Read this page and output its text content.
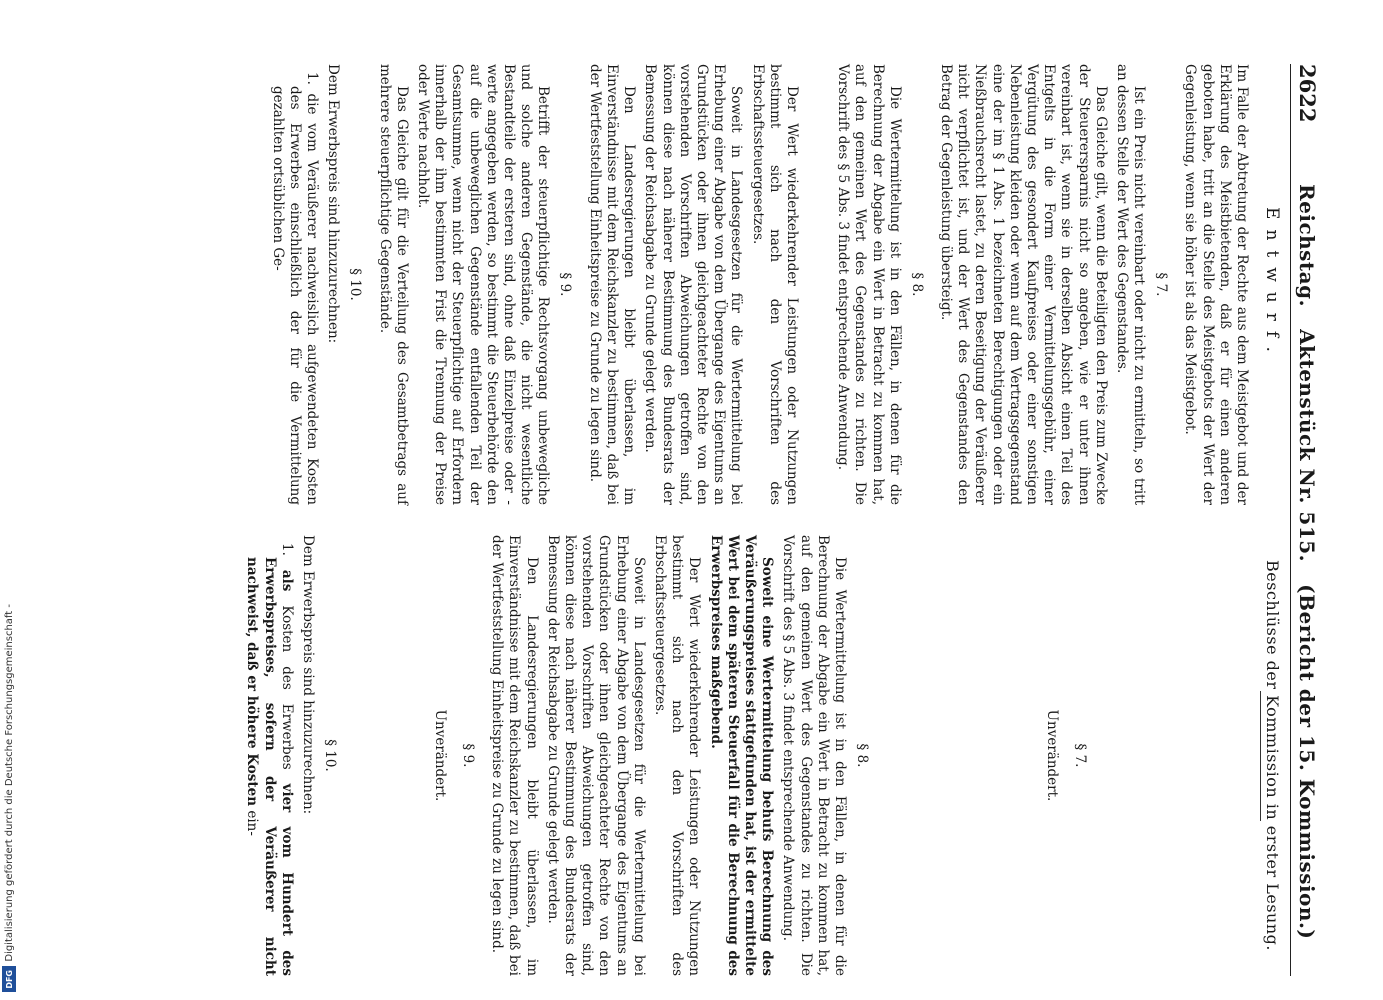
2622
Reichstag.Aktenstück Nr. 515.(Bericht der 15. Kommission.)
Entwurf.

Im Falle der Abtretung der Rechte aus dem Meistgebot und der Erklärung des Meistbietenden, daß er für einen anderen geboten habe, tritt an die Stelle des Meistgebots der Wert der Gegenleistung, wenn sie höher ist als das Meistgebot.

§ 7.

Ist ein Preis nicht vereinbart oder nicht zu ermitteln, so tritt an dessen Stelle der Wert des Gegenstandes.

Das Gleiche gilt, wenn die Beteiligten den Preis zum Zwecke der Steuerersparnis nicht so angeben, wie er unter ihnen vereinbart ist, wenn sie in derselben Absicht einen Teil des Entgelts in die Form einer Vermittelungsgebühr, einer Vergütung des gesondert Kaufpreises oder einer sonstigen Nebenleistung kleiden oder wenn auf dem Vertragsgegenstand eine der im § 1 Abs. 1 bezeichneten Berechtigungen oder ein Nießbrauchsrecht lastet, zu deren Beseitigung der Veräußerer nicht verpflichtet ist, und der Wert des Gegenstandes den Betrag der Gegenleistung übersteigt.

§ 8.

Die Wertermittelung ist in den Fällen, in denen für die Berechnung der Abgabe ein Wert in Betracht zu kommen hat, auf den gemeinen Wert des Gegenstandes zu richten. Die Vorschrift des § 5 Abs. 3 findet entsprechende Anwendung.

Der Wert wiederkehrender Leistungen oder Nutzungen bestimmt sich nach den Vorschriften des Erbschaftssteuergesetzes.

Soweit in Landesgesetzen für die Wertermittelung bei Erhebung einer Abgabe von dem Übergange des Eigentums an Grundstücken oder ihnen gleichgeachteter Rechte von den vorstehenden Vorschriften Abweichungen getroffen sind, können diese nach näherer Bestimmung des Bundesrats der Bemessung der Reichsabgabe zu Grunde gelegt werden.

Den Landesregierungen bleibt überlassen, im Einverständnisse mit dem Reichskanzler zu bestimmen, daß bei der Wertfeststellung Einheitspreise zu Grunde zu legen sind.

§ 9.

Betrifft der steuerpflichtige Rechtsvorgang unbewegliche und solche anderen Gegenstände, die nicht wesentliche Bestandteile der ersteren sind, ohne daß Einzelpreise oder -werte angegeben werden, so bestimmt die Steuerbehörde den auf die unbeweglichen Gegenstände entfallenden Teil der Gesamtsumme, wenn nicht der Steuerpflichtige auf Erfordern innerhalb der ihm bestimmten Frist die Trennung der Preise oder Werte nachholt.

Das Gleiche gilt für die Verteilung des Gesamtbetrags auf mehrere steuerpflichtige Gegenstände.

§ 10.

Dem Erwerbspreis sind hinzuzurechnen:

1. die vom Veräußerer nachweislich aufgewendeten Kosten des Erwerbes einschließlich der für die Vermittelung gezahlten ortsüblichen Ge-

Beschlüsse der Kommission in erster Lesung.
§ 7.
Unverändert.
§ 8.

Die Wertermittelung ist in den Fällen, in denen für die Berechnung der Abgabe ein Wert in Betracht zu kommen hat, auf den gemeinen Wert des Gegenstandes zu richten. Die Vorschrift des § 5 Abs. 3 findet entsprechende Anwendung.

Soweit eine Wertermittelung behufs Berechnung des Veräußerungspreises stattgefunden hat, ist der ermittelte Wert bei dem späteren Steuerfall für die Berechnung des Erwerbspreises maßgebend.

Der Wert wiederkehrender Leistungen oder Nutzungen bestimmt sich nach den Vorschriften des Erbschaftssteuergesetzes.

Soweit in Landesgesetzen für die Wertermittelung bei Erhebung einer Abgabe von dem Übergange des Eigentums an Grundstücken oder ihnen gleichgeachteter Rechte von den vorstehenden Vorschriften Abweichungen getroffen sind, können diese nach näherer Bestimmung des Bundesrats der Bemessung der Reichsabgabe zu Grunde gelegt werden.

Den Landesregierungen bleibt überlassen, im Einverständnisse mit dem Reichskanzler zu bestimmen, daß bei der Wertfeststellung Einheitspreise zu Grunde zu legen sind.

§ 9.
Unverändert.
§ 10.

Dem Erwerbspreis sind hinzuzurechnen:

1. als Kosten des Erwerbes vier vom Hundert des Erwerbspreises, sofern der Veräußerer nicht nachweist, daß er höhere Kosten ein-

Digitalisierung gefördert durch die Deutsche Forschungsgemeinschaft -
DFG
